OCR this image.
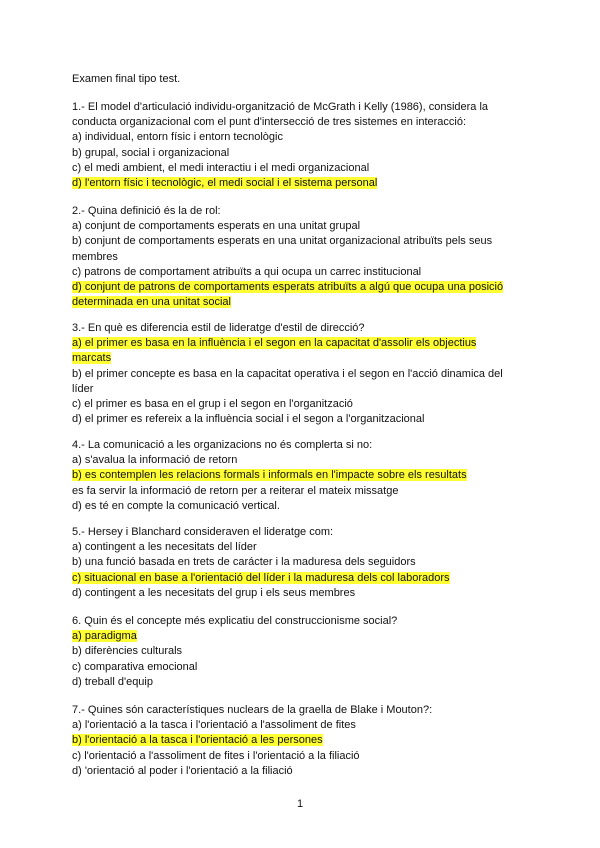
Examen final tipo test.
1.- El model d'articulació individu-organització de McGrath i Kelly (1986), considera la
conducta organizacional com el punt d'intersecció de tres sistemes en interacció:
a) individual, entorn físic i entorn tecnològic
b) grupal, social i organizacional
c) el medi ambient, el medi interactiu i el medi organizacional
d) l'entorn físic i tecnològic, el medi social i el sistema personal
2.- Quina definició és la de rol:
a) conjunt de comportaments esperats en una unitat grupal
b) conjunt de comportaments esperats en una unitat organizacional atribuïts pels seus
membres
c) patrons de comportament atribuïts a qui ocupa un carrec institucional
d) conjunt de patrons de comportaments esperats atribuïts a algú que ocupa una posició
determinada en una unitat social
3.- En què es diferencia estil de lideratge d'estil de direcció?
a) el primer es basa en la influència i el segon en la capacitat d'assolir els objectius
marcats
b) el primer concepte es basa en la capacitat operativa i el segon en l'acció dinamica del
líder
c) el primer es basa en el grup i el segon en l'organització
d) el primer es refereix a la influència social i el segon a l'organitzacional
4.- La comunicació a les organizacions no és complerta si no:
a) s'avalua la informació de retorn
b) es contemplen les relacions formals i informals en l'impacte sobre els resultats
es fa servir la informació de retorn per a reiterar el mateix missatge
d) es té en compte la comunicació vertical.
5.- Hersey i Blanchard consideraven el lideratge com:
a) contingent a les necesitats del líder
b) una funció basada en trets de carácter i la maduresa dels seguidors
c) situacional en base a l'orientació del líder i la maduresa dels col laboradors
d) contingent a les necesitats del grup i els seus membres
6. Quin és el concepte més explicatiu del construccionisme social?
a) paradigma
b) diferències culturals
c) comparativa emocional
d) treball d'equip
7.- Quines són característiques nuclears de la graella de Blake i Mouton?:
a) l'orientació a la tasca i l'orientació a l'assoliment de fites
b) l'orientació a la tasca i l'orientació a les persones
c) l'orientació a l'assoliment de fites i l'orientació a la filiació
d) 'orientació al poder i l'orientació a la filiació
1
